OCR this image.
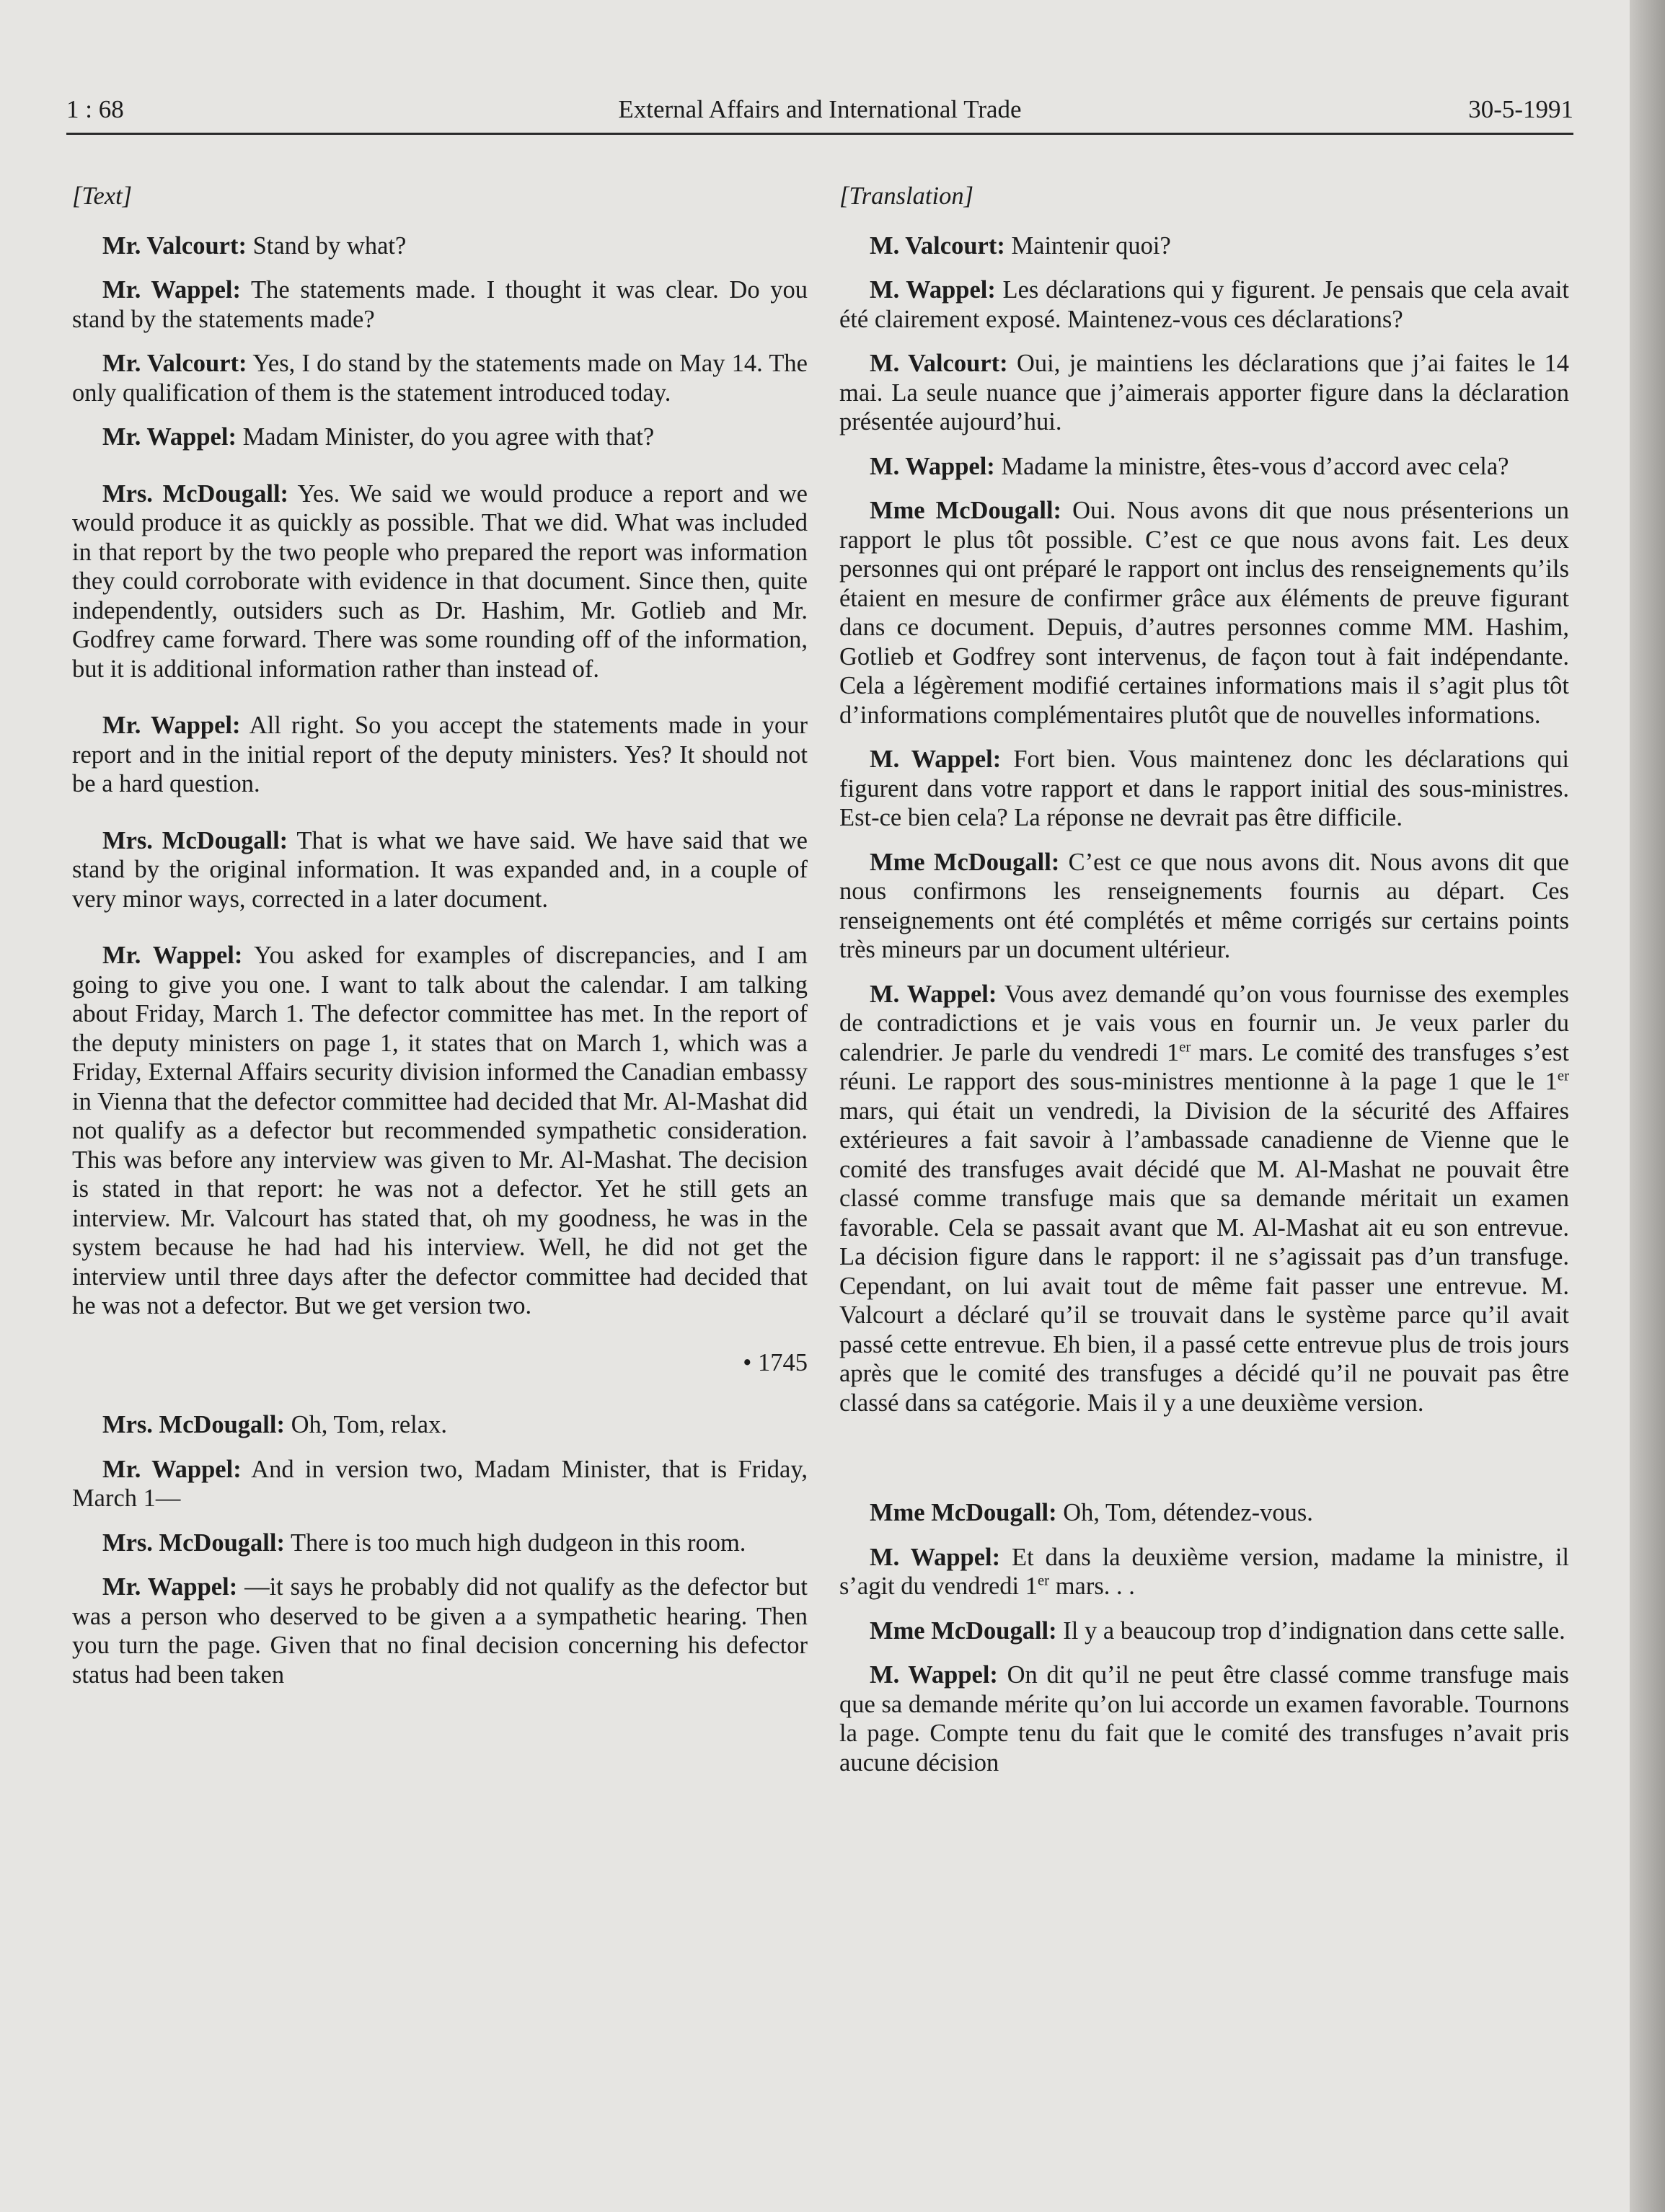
1 : 68	External Affairs and International Trade	30-5-1991
[Text]

Mr. Valcourt: Stand by what?

Mr. Wappel: The statements made. I thought it was clear. Do you stand by the statements made?

Mr. Valcourt: Yes, I do stand by the statements made on May 14. The only qualification of them is the statement introduced today.

Mr. Wappel: Madam Minister, do you agree with that?

Mrs. McDougall: Yes. We said we would produce a report and we would produce it as quickly as possible. That we did. What was included in that report by the two people who prepared the report was information they could corroborate with evidence in that document. Since then, quite independently, outsiders such as Dr. Hashim, Mr. Gotlieb and Mr. Godfrey came forward. There was some rounding off of the information, but it is additional information rather than instead of.

Mr. Wappel: All right. So you accept the statements made in your report and in the initial report of the deputy ministers. Yes? It should not be a hard question.

Mrs. McDougall: That is what we have said. We have said that we stand by the original information. It was expanded and, in a couple of very minor ways, corrected in a later document.

Mr. Wappel: You asked for examples of discrepancies, and I am going to give you one. I want to talk about the calendar. I am talking about Friday, March 1. The defector committee has met. In the report of the deputy ministers on page 1, it states that on March 1, which was a Friday, External Affairs security division informed the Canadian embassy in Vienna that the defector committee had decided that Mr. Al-Mashat did not qualify as a defector but recommended sympathetic consideration. This was before any interview was given to Mr. Al-Mashat. The decision is stated in that report: he was not a defector. Yet he still gets an interview. Mr. Valcourt has stated that, oh my goodness, he was in the system because he had had his interview. Well, he did not get the interview until three days after the defector committee had decided that he was not a defector. But we get version two.

• 1745

Mrs. McDougall: Oh, Tom, relax.

Mr. Wappel: And in version two, Madam Minister, that is Friday, March 1—

Mrs. McDougall: There is too much high dudgeon in this room.

Mr. Wappel: —it says he probably did not qualify as the defector but was a person who deserved to be given a a sympathetic hearing. Then you turn the page. Given that no final decision concerning his defector status had been taken

[Translation]

M. Valcourt: Maintenir quoi?

M. Wappel: Les déclarations qui y figurent. Je pensais que cela avait été clairement exposé. Maintenez-vous ces déclarations?

M. Valcourt: Oui, je maintiens les déclarations que j’ai faites le 14 mai. La seule nuance que j’aimerais apporter figure dans la déclaration présentée aujourd’hui.

M. Wappel: Madame la ministre, êtes-vous d’accord avec cela?

Mme McDougall: Oui. Nous avons dit que nous présenterions un rapport le plus tôt possible. C’est ce que nous avons fait. Les deux personnes qui ont préparé le rapport ont inclus des renseignements qu’ils étaient en mesure de confirmer grâce aux éléments de preuve figurant dans ce document. Depuis, d’autres personnes comme MM. Hashim, Gotlieb et Godfrey sont intervenus, de façon tout à fait indépendante. Cela a légèrement modifié certaines informations mais il s’agit plus tôt d’informations complémentaires plutôt que de nouvelles informations.

M. Wappel: Fort bien. Vous maintenez donc les déclarations qui figurent dans votre rapport et dans le rapport initial des sous-ministres. Est-ce bien cela? La réponse ne devrait pas être difficile.

Mme McDougall: C’est ce que nous avons dit. Nous avons dit que nous confirmons les renseignements fournis au départ. Ces renseignements ont été complétés et même corrigés sur certains points très mineurs par un document ultérieur.

M. Wappel: Vous avez demandé qu’on vous fournisse des exemples de contradictions et je vais vous en fournir un. Je veux parler du calendrier. Je parle du vendredi 1er mars. Le comité des transfuges s’est réuni. Le rapport des sous-ministres mentionne à la page 1 que le 1er mars, qui était un vendredi, la Division de la sécurité des Affaires extérieures a fait savoir à l’ambassade canadienne de Vienne que le comité des transfuges avait décidé que M. Al-Mashat ne pouvait être classé comme transfuge mais que sa demande méritait un examen favorable. Cela se passait avant que M. Al-Mashat ait eu son entrevue. La décision figure dans le rapport: il ne s’agissait pas d’un transfuge. Cependant, on lui avait tout de même fait passer une entrevue. M. Valcourt a déclaré qu’il se trouvait dans le système parce qu’il avait passé cette entrevue. Eh bien, il a passé cette entrevue plus de trois jours après que le comité des transfuges a décidé qu’il ne pouvait pas être classé dans sa catégorie. Mais il y a une deuxième version.

Mme McDougall: Oh, Tom, détendez-vous.

M. Wappel: Et dans la deuxième version, madame la ministre, il s’agit du vendredi 1er mars. . .

Mme McDougall: Il y a beaucoup trop d’indignation dans cette salle.

M. Wappel: On dit qu’il ne peut être classé comme transfuge mais que sa demande mérite qu’on lui accorde un examen favorable. Tournons la page. Compte tenu du fait que le comité des transfuges n’avait pris aucune décision
